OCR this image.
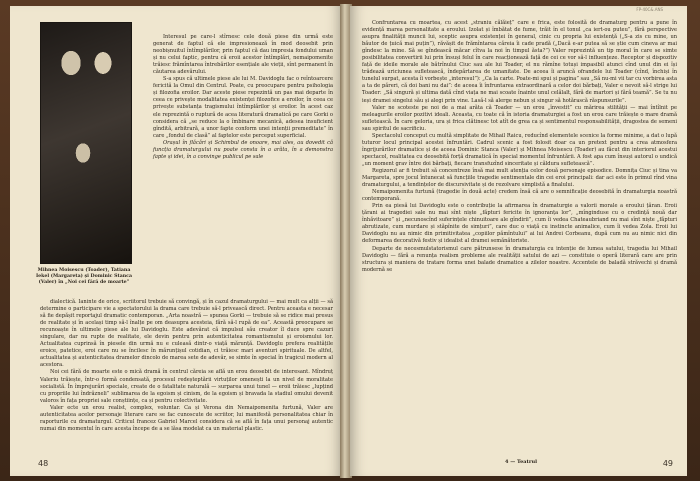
Mihnea Moisescu (Toader), Tatiana Iekel (Margareta) și Dominic Stanca (Valer) în „Noi cei fără de moarte”

Interesul pe care-l stîrnesc cele două piese din urmă este generat de faptul că ele impresionează în mod deosebit prin neobișnuitul întîmplărilor, prin faptul că dau impresia fondului uman și nu celui faptic, pentru că eroii acestor întîmplări, nemaipomenite trăiesc frămîntarea întrebărilor esențiale ale vieții, sînt permanent în căutarea adevărului.

S-a spus că ultimele piese ale lui M. Davidoglu fac o reîntoarcere fericită la Omul din Centrul. Poate, cu preocupare pentru psihologia și filozofia eroilor. Dar aceste piese repezintă un pas mai departe în ceea ce privește modalitatea existenței filozofice a eroilor, în ceea ce privește substanța tragismului întîmplărilor și eroilor. În acest caz ele reprezintă o ruptură de acea literatură dramatică pe care Gorki o considera că „se reduce la o îmbinare mecanică, adesea insuficient gîndită, arbitrară, a unor fapte conform unei intenții premeditate” în care „fondul de clasă” al faptelor este perceput superficial.

Orașul în flăcări și Schimbul de onoare, mai ales, au dovedit că funcția dramaturgului nu poate consta în a arăta, în a demonstra fapte și idei, în a convinge publicul pe sale

dialectică. Ianinte de orice, scriitorul trebuie să convingă, și în cazul dramaturgului — mai mult ca alții — să determine o participare vie a spectatorului la drama care trebuie să-l privească direct. Pentru aceasta e necesar să fie depășit reportajul dramatic contemporan. „Arta noastră — spunea Gorki — trebuie să se ridice mai presus de realitate și în același timp să-l înalțe pe om deasupra acesteia, fără să-l rupă de ea”. Această preocupare se recunoaște în ultimele piese ale lui Davidoglu. Este adevărat că impulsul său creator îl duce spre cazuri singulare, dar nu rupte de realitate, ele devin pentru prin autenticitatea romantismului și eroismului lor. Actualitatea cuprinsă în piesele din urmă nu e culeasă dintr-o viață mărunță. Davidoglu prefera realitățile eroice, patetice, eroi care nu se încilesc în mărunțișul cotidian, ci trăiesc mari aventuri spirituale. De altfel, actualitatea și autenticitatea dramelor dincolo de marea sete de adevăr, se simte în special în tragicul modern al acestora.

Noi cei fără de moarte este o mică dramă în centrul căreia se află un erou deosebit de interesant. Mîndruț Valeriu trăiește, într-o formă condensată, procesul redeșteptării virtuților omenești la un nivel de moralitate socialistă. În împrejurări speciale, create de o fatalitate naturală — surparea unui tunel — eroii trăiesc „lupțind cu propriile lui îndrăzneli” sublimarea de la egoism și cinism, de la egoism și bravada la stadiul omului devenit valoros în fața propriei sale conștiințe, ca și pentru colectivitate.

Valer ecte un erou realist, complex, voluntar. Ca și Verona din Nemaipomenita furtună, Valer are autenticitatea acelor personaje literare care se fac cunoscute de scriitor, lui manifestă personalitatea chiar în raporturile cu dramaturgul. Criticul francez Gabriel Marcel considera că se află în fața unui personaj autentic numai din momentul în care acesta începe de a se lăsa modelat ca un material plastic.

48
FP-40C&.ANS

Confruntarea cu moartea, cu acest „straniu călăieț” care e frica, este folosită de dramaturg pentru a pune în evidență marea personalitate a eroului. Izolat și îmbătat de fume, trăit în el tonul „ca iert-ou puteu”, fără perspective asupra finalității muncii lui, sceptic asupra existenței în general, cinic cu propria lui existență („S-a zis cu mine, un băutor de țuică mai puțin”), răvășit de frămîntarea căreia îi cade pradă („Dacă e-ar putea să se știe cum cineva ar mai gîndesc la mine. Să se gîndească măcar cîtva la noi în timpul ăsta?”) Valer reprezintă un tip moral în care se simte posibilitatea convertirii lui prin însuși felul în care reacționează față de cei ce vor să-l influențeze. Receptor și dispozitiv față de ideile morale ale bătrînului Ciuc sau ale lui Toader, el nu rămîne totuși impasibil atunci cînd unul din ei își trădează uriciunea sufletească, îndepărtarea de umanitate. De aceea îi aruncă ofrandele lui Toader (cînd, închiși în tunelul surpat, acesta îi vorbește „interesul”): „Ca la carte. Poate-mi spui și pagina” sau „Să nu-mi vii tar cu vorbirea asta a ta de păreri, că doi bani nu dai”: de aceea îi înfruntarea extraordinară a celor doi bărbați, Valer e nevoit să-l strige lui Toader: „Să singură și ultima dată cînd viața ne mai scoate înainte unul celălalt, fără de martori și fără teamă”. Se tu nu ieși dramei singelui său și alegi prin vine. Lasă-l să alerge nebun și singur să hotărască răspunsurile”.

Valer ne scoteste pe noi de a mai arăta că Toader — un erou „învestit” cu mărirea stilității — mai întîlnit pe meleagurile eroilor pozitivi ideali. Aceasta, cu toate că în istoria dramaturgiei a fost un erou care trăiește o mare dramă sufletească. În care geloria, ura și frica clătinesc tot atît de grea ca și sentimentul responsabilității, dragostea de semeni sau spiritul de sacrificiu.

Spectacolul conceput cu multă simplitate de Mihail Raicu, reducînd elementele scenice la forme minime, a dat o lupă tuturor locul principal acestei înfruntări. Cadrul scenic a fost folosit doar ca un pretext pentru a crea atmosfera îngrijurărilor dramatice și de aceea Dominic Stanca (Valer) și Mihnea Moisescu (Toader) au făcut din interiorul acestui spectacol, realitatea cu deosebită forță dramatică în special momentul înfruntării. A fost apa cum însuși autorul o undică „un moment grav între doi bărbați, fiecare transfuzînd sinceritate și căldura sufletească”.

Regizorul ar fi trebuit să concentreze însă mai mult atenția celor două personaje episodice. Domnița Ciuc și tina va Margareta, spre jocul întunecat să funcțiile tragedie sentimentale din cei eroi principali: dar aci este în primul rînd vina dramaturgului, a tendințelor de discursivitate și de rezolvare simplistă a finalului.

Nemaipomenita furtună (tragedie în două acte) credem însă că are o semnificație deosebită în dramaturgia noastră contemporană.

Prin ea piesă lui Davidoglu este o contribuție la afirmarea în dramaturgie a valorii morale a eroului țăran. Eroii țărani ai tragediei sale nu mai sînt niște „făpturi fericite în ignoranța lor”, „mînginduse cu o credință nouă dar înhăvitoare” și „necunoscînd suferințele chinuitoare ale gîndirii”, cum îi vedea Chateaubriand nu mai sînt niște „făpturi abrutizate, cum murdare și stăpînite de simțuri”, care duc o viață cu instincte animalice, cum îi vedea Zola. Eroii lui Davidoglu nu au nimic din primitivitatea „copiilor pămîntului” ai lui Andrei Corbeanu, după cum nu au nimic nici din deformarea decorativă festiv și idealist al dramei semănătoriste.

Departe de necesmulstatorismul care pătrunsese în dramaturgia cu intenție de lumea satului, tragedia lui Mihail Davidoglu — fără a renunța realism probleme ale realității satului de azi — constituie o operă literară care are prin structura și maniera de tratare forma unei balade dramatice a zilelor noastre. Accentele de baladă străvechi și dramă modernă se

4 — Teatrul	49
